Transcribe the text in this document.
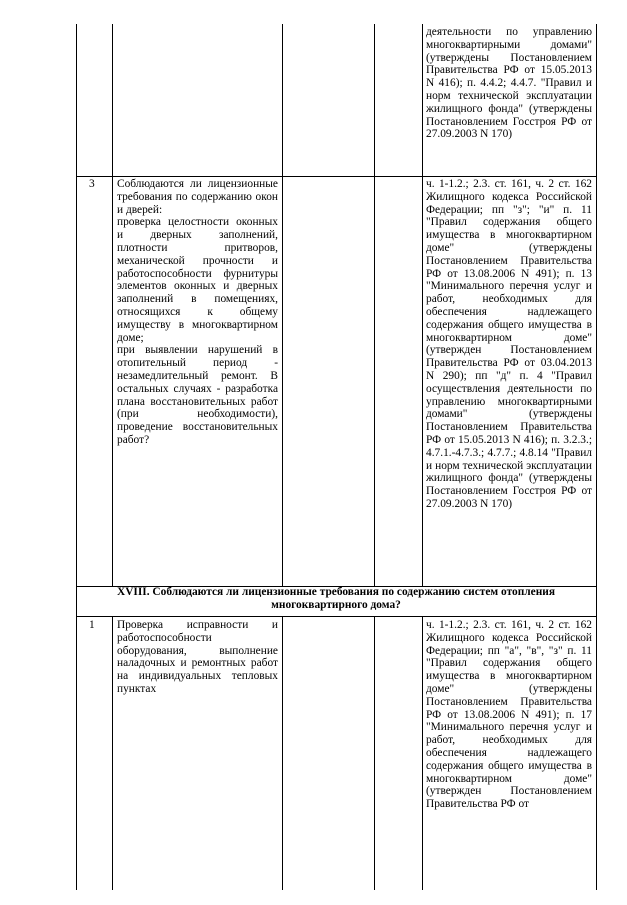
деятельности по управлению многоквартирными домами" (утверждены Постановлением Правительства РФ от 15.05.2013 N 416); п. 4.4.2; 4.4.7. "Правил и норм технической эксплуатации жилищного фонда" (утверждены Постановлением Госстроя РФ от 27.09.2003 N 170)
3 Соблюдаются ли лицензионные требования по содержанию окон и дверей:
проверка целостности оконных и дверных заполнений, плотности притворов, механической прочности и работоспособности фурнитуры элементов оконных и дверных заполнений в помещениях, относящихся к общему имуществу в многоквартирном доме;
при выявлении нарушений в отопительный период - незамедлительный ремонт. В остальных случаях - разработка плана восстановительных работ (при необходимости), проведение восстановительных работ?
ч. 1-1.2.; 2.3. ст. 161, ч. 2 ст. 162 Жилищного кодекса Российской Федерации; пп "з"; "и" п. 11 "Правил содержания общего имущества в многоквартирном доме" (утверждены Постановлением Правительства РФ от 13.08.2006 N 491); п. 13 "Минимального перечня услуг и работ, необходимых для обеспечения надлежащего содержания общего имущества в многоквартирном доме" (утвержден Постановлением Правительства РФ от 03.04.2013 N 290); пп "д" п. 4 "Правил осуществления деятельности по управлению многоквартирными домами" (утверждены Постановлением Правительства РФ от 15.05.2013 N 416); п. 3.2.3.; 4.7.1.-4.7.3.; 4.7.7.; 4.8.14 "Правил и норм технической эксплуатации жилищного фонда" (утверждены Постановлением Госстроя РФ от 27.09.2003 N 170)
XVIII. Соблюдаются ли лицензионные требования по содержанию систем отопления многоквартирного дома?
1 Проверка исправности и работоспособности оборудования, выполнение наладочных и ремонтных работ на индивидуальных тепловых пунктах
ч. 1-1.2.; 2.3. ст. 161, ч. 2 ст. 162 Жилищного кодекса Российской Федерации; пп "а", "в", "з" п. 11 "Правил содержания общего имущества в многоквартирном доме" (утверждены Постановлением Правительства РФ от 13.08.2006 N 491); п. 17 "Минимального перечня услуг и работ, необходимых для обеспечения надлежащего содержания общего имущества в многоквартирном доме" (утвержден Постановлением Правительства РФ от
